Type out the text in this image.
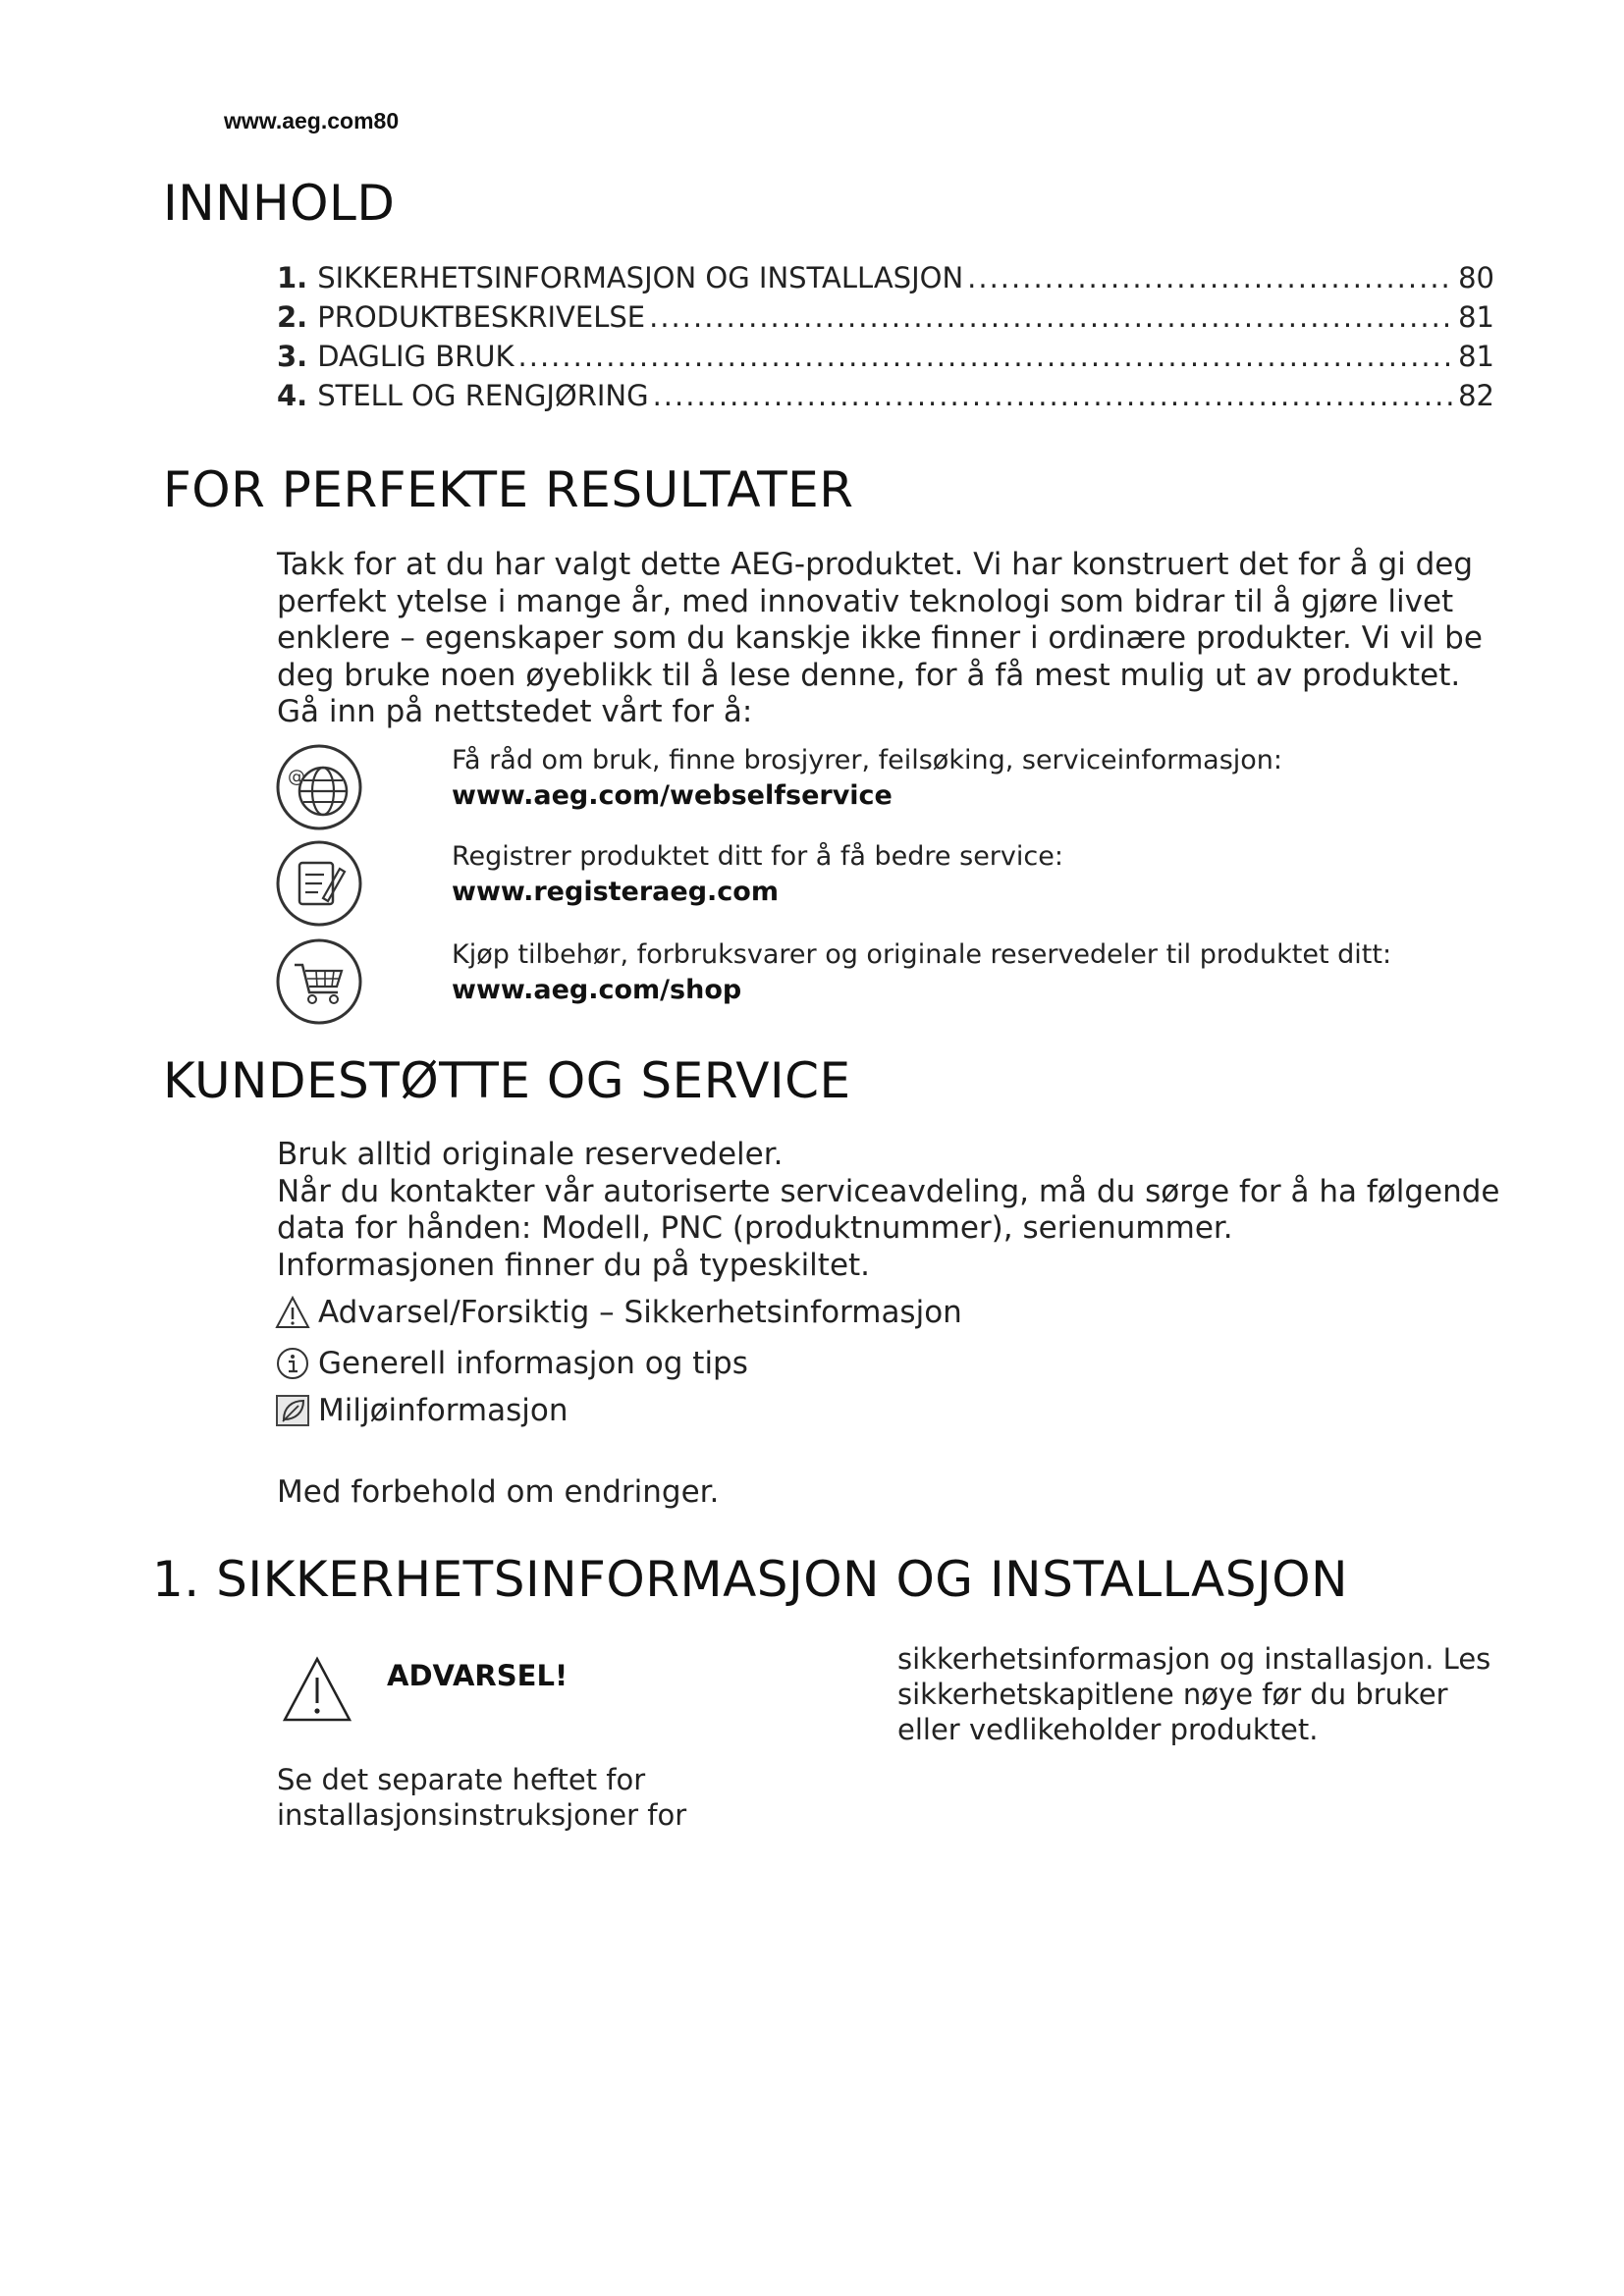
www.aeg.com80
INNHOLD
1. SIKKERHETSINFORMASJON OG INSTALLASJON .....	80
2. PRODUKTBESKRIVELSE .....	81
3. DAGLIG BRUK .....	81
4. STELL OG RENGJØRING .....	82
FOR PERFEKTE RESULTATER
Takk for at du har valgt dette AEG-produktet. Vi har konstruert det for å gi deg
perfekt ytelse i mange år, med innovativ teknologi som bidrar til å gjøre livet
enklere – egenskaper som du kanskje ikke finner i ordinære produkter. Vi vil be
deg bruke noen øyeblikk til å lese denne, for å få mest mulig ut av produktet.
Gå inn på nettstedet vårt for å:
@
Få råd om bruk, finne brosjyrer, feilsøking, serviceinformasjon:
www.aeg.com/webselfservice
Registrer produktet ditt for å få bedre service:
www.registeraeg.com
Kjøp tilbehør, forbruksvarer og originale reservedeler til produktet ditt:
www.aeg.com/shop
KUNDESTØTTE OG SERVICE
Bruk alltid originale reservedeler.
Når du kontakter vår autoriserte serviceavdeling, må du sørge for å ha følgende
data for hånden: Modell, PNC (produktnummer), serienummer.
Informasjonen finner du på typeskiltet.
Advarsel/Forsiktig – Sikkerhetsinformasjon
Generell informasjon og tips
Miljøinformasjon
Med forbehold om endringer.
1. SIKKERHETSINFORMASJON OG INSTALLASJON
ADVARSEL!
Se det separate heftet for
installasjonsinstruksjoner for
sikkerhetsinformasjon og installasjon. Les
sikkerhetskapitlene nøye før du bruker
eller vedlikeholder produktet.
